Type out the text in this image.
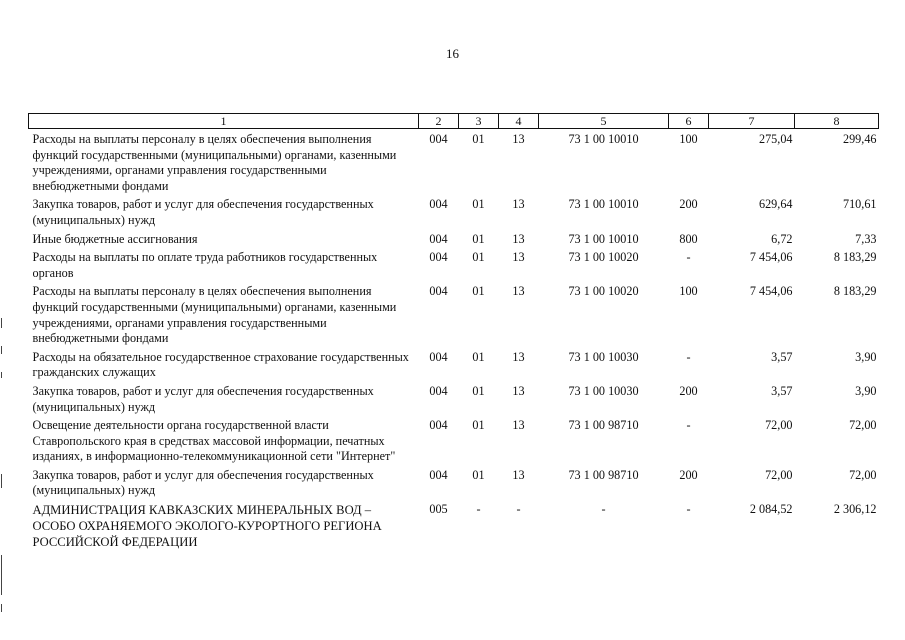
16
1	2	3	4	5	6	7	8
Расходы на выплаты персоналу в целях обеспечения выполнения функций государственными (муниципальными) органами, казенными учреждениями, органами управления государственными внебюджетными фондами	004	01	13	73 1 00 10010	100	275,04	299,46
Закупка товаров, работ и услуг для обеспечения государственных (муниципальных) нужд	004	01	13	73 1 00 10010	200	629,64	710,61
Иные бюджетные ассигнования	004	01	13	73 1 00 10010	800	6,72	7,33
Расходы на выплаты по оплате труда работников государственных органов	004	01	13	73 1 00 10020	-	7 454,06	8 183,29
Расходы на выплаты персоналу в целях обеспечения выполнения функций государственными (муниципальными) органами, казенными учреждениями, органами управления государственными внебюджетными фондами	004	01	13	73 1 00 10020	100	7 454,06	8 183,29
Расходы на обязательное государственное страхование государственных гражданских служащих	004	01	13	73 1 00 10030	-	3,57	3,90
Закупка товаров, работ и услуг для обеспечения государственных (муниципальных) нужд	004	01	13	73 1 00 10030	200	3,57	3,90
Освещение деятельности органа государственной власти Ставропольского края в средствах массовой информации, печатных изданиях, в информационно-телекоммуникационной сети "Интернет"	004	01	13	73 1 00 98710	-	72,00	72,00
Закупка товаров, работ и услуг для обеспечения государственных (муниципальных) нужд	004	01	13	73 1 00 98710	200	72,00	72,00
АДМИНИСТРАЦИЯ КАВКАЗСКИХ МИНЕРАЛЬНЫХ ВОД – ОСОБО ОХРАНЯЕМОГО ЭКОЛОГО-КУРОРТНОГО РЕГИОНА РОССИЙСКОЙ ФЕДЕРАЦИИ	005	-	-	-	-	2 084,52	2 306,12
